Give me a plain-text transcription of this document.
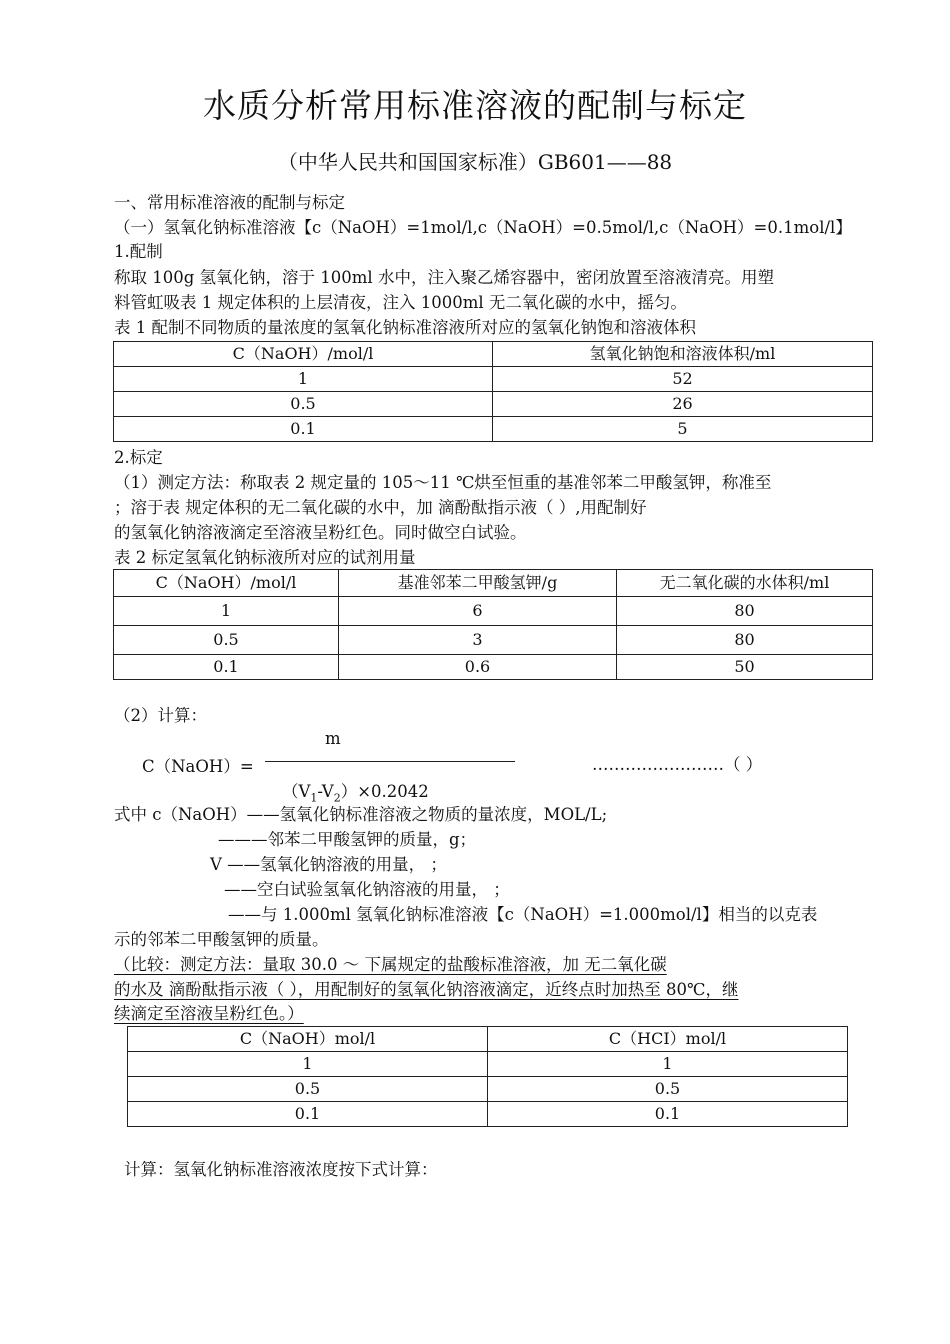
水质分析常用标准溶液的配制与标定
（中华人民共和国国家标准）GB601——88
一、常用标准溶液的配制与标定
（一）氢氧化钠标准溶液【c（NaOH）=1mol/l,c（NaOH）=0.5mol/l,c（NaOH）=0.1mol/l】
1.配制
称取 100g 氢氧化钠，溶于 100ml 水中，注入聚乙烯容器中，密闭放置至溶液清亮。用塑
料管虹吸表 1 规定体积的上层清夜，注入 1000ml 无二氧化碳的水中，摇匀。
表 1 配制不同物质的量浓度的氢氧化钠标准溶液所对应的氢氧化钠饱和溶液体积
C（NaOH）/mol/l	氢氧化钠饱和溶液体积/ml
1	52
0.5	26
0.1	5
2.标定
（1）测定方法：称取表 2 规定量的 105～11 ℃烘至恒重的基准邻苯二甲酸氢钾，称准至
；溶于表 规定体积的无二氧化碳的水中，加 滴酚酞指示液（ ）,用配制好
的氢氧化钠溶液滴定至溶液呈粉红色。同时做空白试验。
表 2 标定氢氧化钠标液所对应的试剂用量
C（NaOH）/mol/l	基准邻苯二甲酸氢钾/g	无二氧化碳的水体积/ml
1	6	80
0.5	3	80
0.1	0.6	50
（2）计算：
m
C（NaOH）=	……………………（ ）
$(V_1-V_2)\times 0.2042$
式中 c（NaOH）——氢氧化钠标准溶液之物质的量浓度，MOL/L;
———邻苯二甲酸氢钾的质量，g；
V ——氢氧化钠溶液的用量， ；
——空白试验氢氧化钠溶液的用量， ；
——与 1.000ml 氢氧化钠标准溶液【c（NaOH）=1.000mol/l】相当的以克表
示的邻苯二甲酸氢钾的质量。
（比较：测定方法：量取 30.0 ～ 下属规定的盐酸标准溶液，加 无二氧化碳
的水及 滴酚酞指示液（ ），用配制好的氢氧化钠溶液滴定，近终点时加热至 80℃，继
续滴定至溶液呈粉红色。）
C（NaOH）mol/l	C（HCI）mol/l
1	1
0.5	0.5
0.1	0.1
计算：氢氧化钠标准溶液浓度按下式计算：
